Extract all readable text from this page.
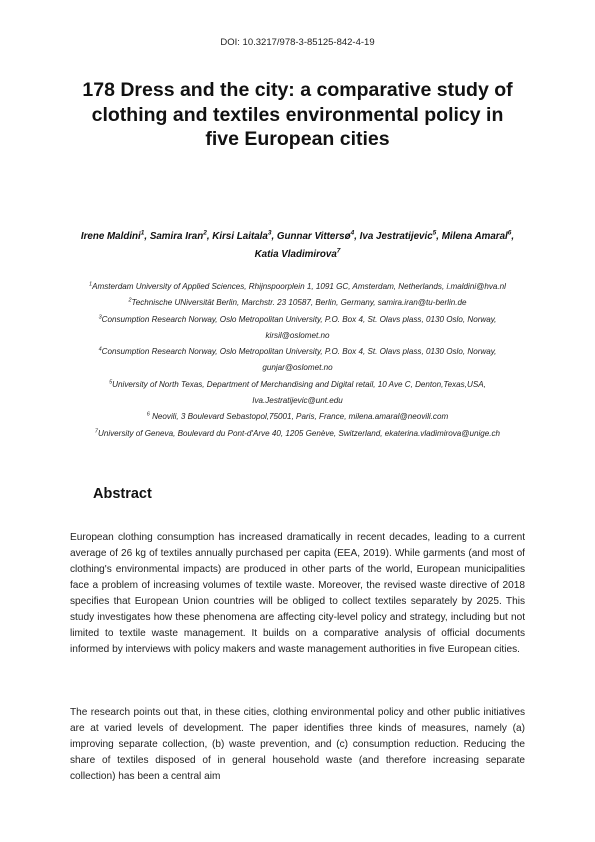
DOI: 10.3217/978-3-85125-842-4-19
178 Dress and the city: a comparative study of clothing and textiles environmental policy in five European cities
Irene Maldini$^1$, Samira Iran$^2$, Kirsi Laitala$^3$, Gunnar Vittersø$^4$, Iva Jestratijevic$^5$, Milena Amaral$^6$, Katia Vladimirova$^7$
$^1$Amsterdam University of Applied Sciences, Rhijnspoorplein 1, 1091 GC, Amsterdam, Netherlands, i.maldini@hva.nl
$^2$Technische UNiversität Berlin, Marchstr. 23 10587, Berlin, Germany, samira.iran@tu-berlin.de
$^3$Consumption Research Norway, Oslo Metropolitan University, P.O. Box 4, St. Olavs plass, 0130 Oslo, Norway, kirsil@oslomet.no
$^4$Consumption Research Norway, Oslo Metropolitan University, P.O. Box 4, St. Olavs plass, 0130 Oslo, Norway, gunjar@oslomet.no
$^5$University of North Texas, Department of Merchandising and Digital retail, 10 Ave C, Denton,Texas,USA, Iva.Jestratijevic@unt.edu
$^6$ Neovili, 3 Boulevard Sebastopol,75001, Paris, France, milena.amaral@neovili.com
$^7$University of Geneva, Boulevard du Pont-d'Arve 40, 1205 Genève, Switzerland, ekaterina.vladimirova@unige.ch
Abstract

European clothing consumption has increased dramatically in recent decades, leading to a current average of 26 kg of textiles annually purchased per capita (EEA, 2019). While garments (and most of clothing's environmental impacts) are produced in other parts of the world, European municipalities face a problem of increasing volumes of textile waste. Moreover, the revised waste directive of 2018 specifies that European Union countries will be obliged to collect textiles separately by 2025. This study investigates how these phenomena are affecting city-level policy and strategy, including but not limited to textile waste management. It builds on a comparative analysis of official documents informed by interviews with policy makers and waste management authorities in five European cities.

The research points out that, in these cities, clothing environmental policy and other public initiatives are at varied levels of development. The paper identifies three kinds of measures, namely (a) improving separate collection, (b) waste prevention, and (c) consumption reduction. Reducing the share of textiles disposed of in general household waste (and therefore increasing separate collection) has been a central aim
